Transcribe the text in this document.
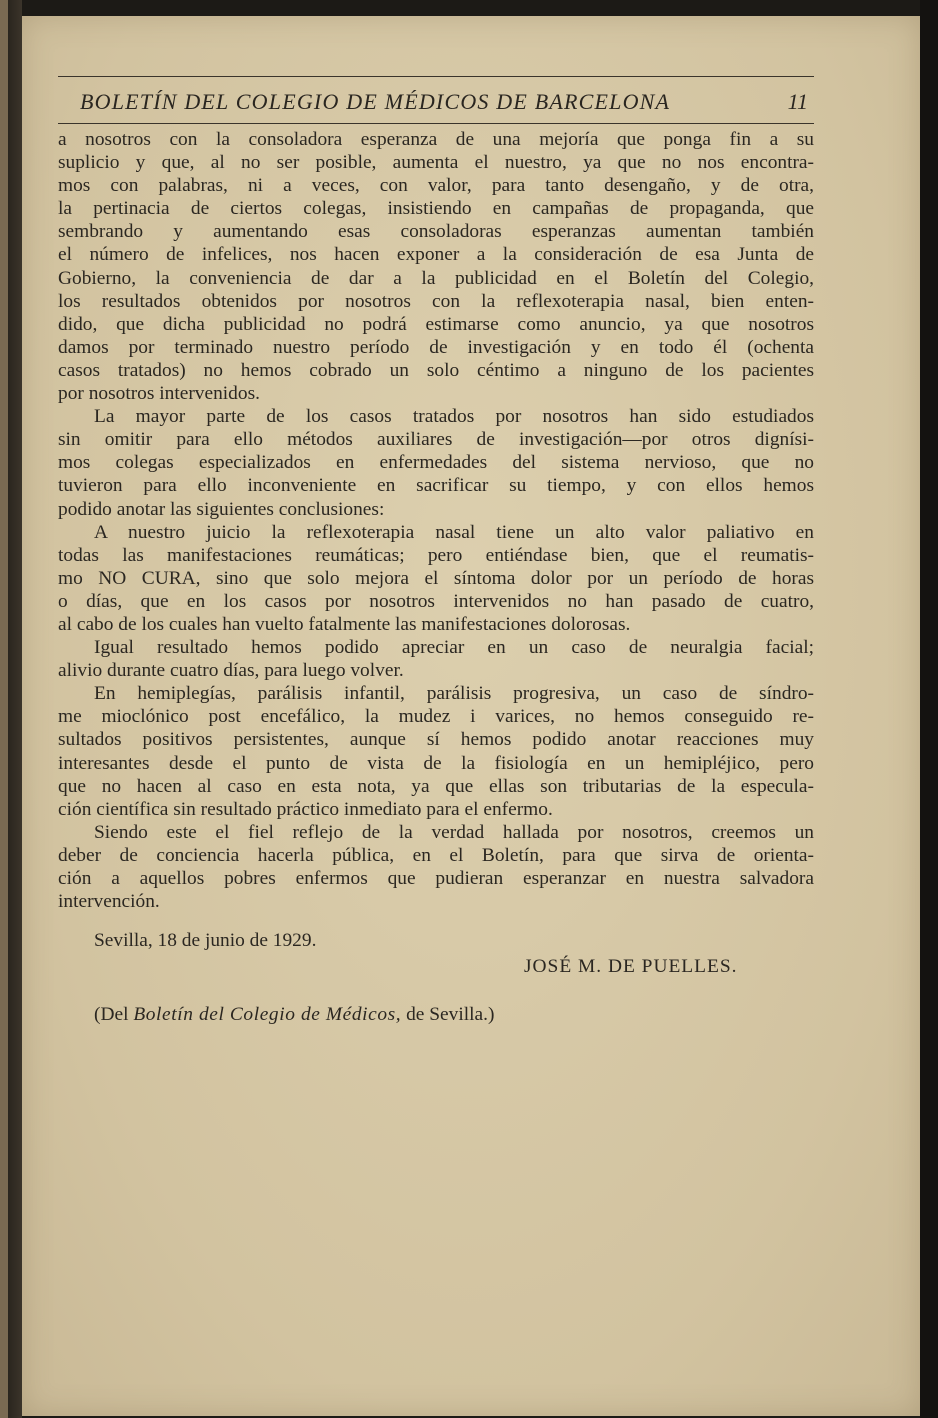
BOLETÍN DEL COLEGIO DE MÉDICOS DE BARCELONA	11
a nosotros con la consoladora esperanza de una mejoría que ponga fin a su
suplicio y que, al no ser posible, aumenta el nuestro, ya que no nos encontra-
mos con palabras, ni a veces, con valor, para tanto desengaño, y de otra,
la pertinacia de ciertos colegas, insistiendo en campañas de propaganda, que
sembrando y aumentando esas consoladoras esperanzas aumentan también
el número de infelices, nos hacen exponer a la consideración de esa Junta de
Gobierno, la conveniencia de dar a la publicidad en el Boletín del Colegio,
los resultados obtenidos por nosotros con la reflexoterapia nasal, bien enten-
dido, que dicha publicidad no podrá estimarse como anuncio, ya que nosotros
damos por terminado nuestro período de investigación y en todo él (ochenta
casos tratados) no hemos cobrado un solo céntimo a ninguno de los pacientes
por nosotros intervenidos.
La mayor parte de los casos tratados por nosotros han sido estudiados
sin omitir para ello métodos auxiliares de investigación—por otros dignísi-
mos colegas especializados en enfermedades del sistema nervioso, que no
tuvieron para ello inconveniente en sacrificar su tiempo, y con ellos hemos
podido anotar las siguientes conclusiones:
A nuestro juicio la reflexoterapia nasal tiene un alto valor paliativo en
todas las manifestaciones reumáticas; pero entiéndase bien, que el reumatis-
mo NO CURA, sino que solo mejora el síntoma dolor por un período de horas
o días, que en los casos por nosotros intervenidos no han pasado de cuatro,
al cabo de los cuales han vuelto fatalmente las manifestaciones dolorosas.
Igual resultado hemos podido apreciar en un caso de neuralgia facial;
alivio durante cuatro días, para luego volver.
En hemiplegías, parálisis infantil, parálisis progresiva, un caso de síndro-
me mioclónico post encefálico, la mudez i varices, no hemos conseguido re-
sultados positivos persistentes, aunque sí hemos podido anotar reacciones muy
interesantes desde el punto de vista de la fisiología en un hemipléjico, pero
que no hacen al caso en esta nota, ya que ellas son tributarias de la especula-
ción científica sin resultado práctico inmediato para el enfermo.
Siendo este el fiel reflejo de la verdad hallada por nosotros, creemos un
deber de conciencia hacerla pública, en el Boletín, para que sirva de orienta-
ción a aquellos pobres enfermos que pudieran esperanzar en nuestra salvadora
intervención.
Sevilla, 18 de junio de 1929.
JOSÉ M. DE PUELLES.
(Del Boletín del Colegio de Médicos, de Sevilla.)
